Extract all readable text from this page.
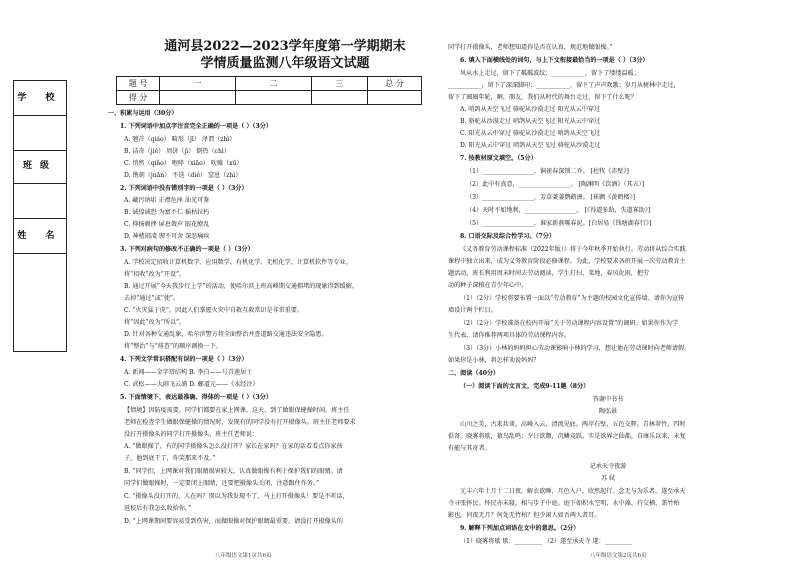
学 校
班级
姓 名
通河县2022—2023学年度第一学期期末
学情质量监测八年级语文试题
题 号	一	二	三	总 分
得 分				
一、积累与运用（30分）
1. 下列词语中加点字注音完全正确的一项是（ ）（3分）
A. 翘首（qiáo） 畸形（jī） 泽谓（zhì）
B. 洁奇（jié） 周济（jì） 倒热（chì）
C. 悄然（qiǎo） 咆哮（xiāo） 吹嘘（xū）
D. 镌刻（juān） 不迭（dié） 窒息（zhì）
2. 下列词语中没有错别字的一项是（ ）（3分）
A. 藏污纳垢 正襟危座 油光可鉴
B. 诚惶诚恐 为富不仁 摇枯拉朽
C. 抑扬顿挫 屏息敛声 眼花缭乱
D. 神楂闹凌 锲不可舍 深恶痛疾
3. 下列对病句的修改不正确的一项是（ ）（3分）
A. 学校决定招收计算机数学、应用数学、有机化学、无机化学、计算机软件等专业。
将“招收”改为“开设”。
B. 通过开展“今天我步行上学”的活动，使哈尔滨上班高峰期交通拥堵的现象得到缓解。
去掉“通过”或“使”。
C. “火灾猛于虎”，因此人们掌握火灾中自救互救常识是非常重要。
将“因此”改为“所以”。
D. 针对各种交通乱象，哈尔滨警方将全面整治并查道路交通违法安全隐患。
将“整治”与“排查”的顺序调换一下。
4. 下列文学常识搭配有误的一项是（ ）（3分）
A. 新闻——金字塔结构 B. 李白——号青莲居士
C. 武松——大闹飞云浦 D. 郦道元——《水经注》
5. 下面情境下，表达最准确、得体的一项是（ ）（3分）
【情境】因防疫需要，同学们都要在家上网课。这天，到了做眼保健操时间，班主任
老师在检查学生做眼保健操的情况时，发现有的同学没有打开摄像头。班主任老师要求
没打开摄像头的同学打开摄像头，班主任老师说：
A. “做眼操了，有的同学摄像头怎么没打开？家长在家吗？在家的话看看点你家孩
子，他到底干了，你笑那来不及。”
B. “同学们，上网课对我们眼睛损害较大，认真做眼操有利于保护我们的眼睛。请
同学们做眼操时，一定要闭上眼睛，还要把摄像头关闭，注意跟住作务。”
C. “摄像头没打开的，人在吗？别以为我发现不了，马上打开摄像头！要是不听话，
返校后有我怎么收拾你。”
D. “上网课期间要容易受到伤害，而做眼操对保护眼睛最重要，请没打开摄像头的
同学打开摄像头，老师想知道你是否在认真、规范地做眼操。”
6. 填入下面横线处的词句，与上下文衔接最恰当的一项是（ ）（3分）
风从水上走过，留下了粼粼波纹；___________，留下了缕缕温暖；
___________，留下了深深脚印；___________，留下了声声欢歌；岁月从树林中走过，
留下了圈圈年轮，啊，朋友，我们从时代的舞台走过，留下了什么呢？
A. 哨鸽从天空飞过 骆驼从沙漠走过 阳光从云中穿过
B. 骆驼从沙漠走过 哨鸽从天空飞过 阳光从云中穿过
C. 阳光从云中穿过 骆驼从沙漠走过 哨鸽从天空飞过
D. 阳光从云中穿过 哨鸽从天空飞过 骆驼从沙漠走过
7. 按教材原文填空。（5分）
（1）_________________，铜雀春深锁二乔。 [杜牧《赤壁》]
（2）此中有真意，_________________。 [陶渊明《饮酒》（其五）]
（3）_________________，芳草萋萋鹦鹉洲。 [崔颢《黄鹤楼》]
（4）天时不如地利，_________________。 [《得道多助，失道寡助》]
（5）_________________，谁家新燕啄春泥。[白居易《钱塘湖春行》]
8. 口语交际及综合性学习。（7分）
《义务教育劳动课程标准（2022年版）》将于今年秋季开始执行。劳动将从综合实践
课程中独立出来，成为义务教育阶段必修课程。为此，学校要求各班开展一次劳动教育主
题活动，班长利用周末时间去劳动阅读，学生打扫、菜地，春风化雨，把劳
动的种子深植在青少年心中。
（1）（2分）学校将要布置一面以“劳动教育”为主题的校园文化宣传墙。请你为宣传
墙设计两个栏目。
（2）（2分）学校准备在校内开展“关于劳动课程内容设置”的调研。如果你作为学
生代表，请你推荐两项具体的劳动课程内容。
（3）（3分）小林的妈妈担心劳动课影响小林的学习，想让他在劳动课时向老师请假。
如果你是小林，将怎样劝说妈妈？
二、阅读（40分）
（一）阅读下面的文言文，完成9-11题（8分）
答谢中书书
陶弘景
山川之美，古来共谈。高峰入云，清流见底。两岸石壁，五色交辉。青林翠竹，四时
俱备。晓雾将歇，猿鸟乱鸣；夕日欲颓，沉鳞竞跃。实是欲界之仙都。自康乐以来，未复
有能与其奇者。
记承天寺夜游
苏 轼
元丰六年十月十二日夜，解衣欲睡，月色入户，欣然起行。念无与为乐者，遂至承天
寺寻张怀民。怀民亦未寝，相与步于中庭。庭下如积水空明，水中藻、荇交横，盖竹柏
影也。何夜无月？何处无竹柏？但少闲人如吾两人者耳。
9. 解释下列加点词语在文中的意思。（2分）
（1）晓雾将歇 歇：_________ （2）遂至承天寺 遂：_________
八年级语文第1页共6页	八年级语文第2页共6页
